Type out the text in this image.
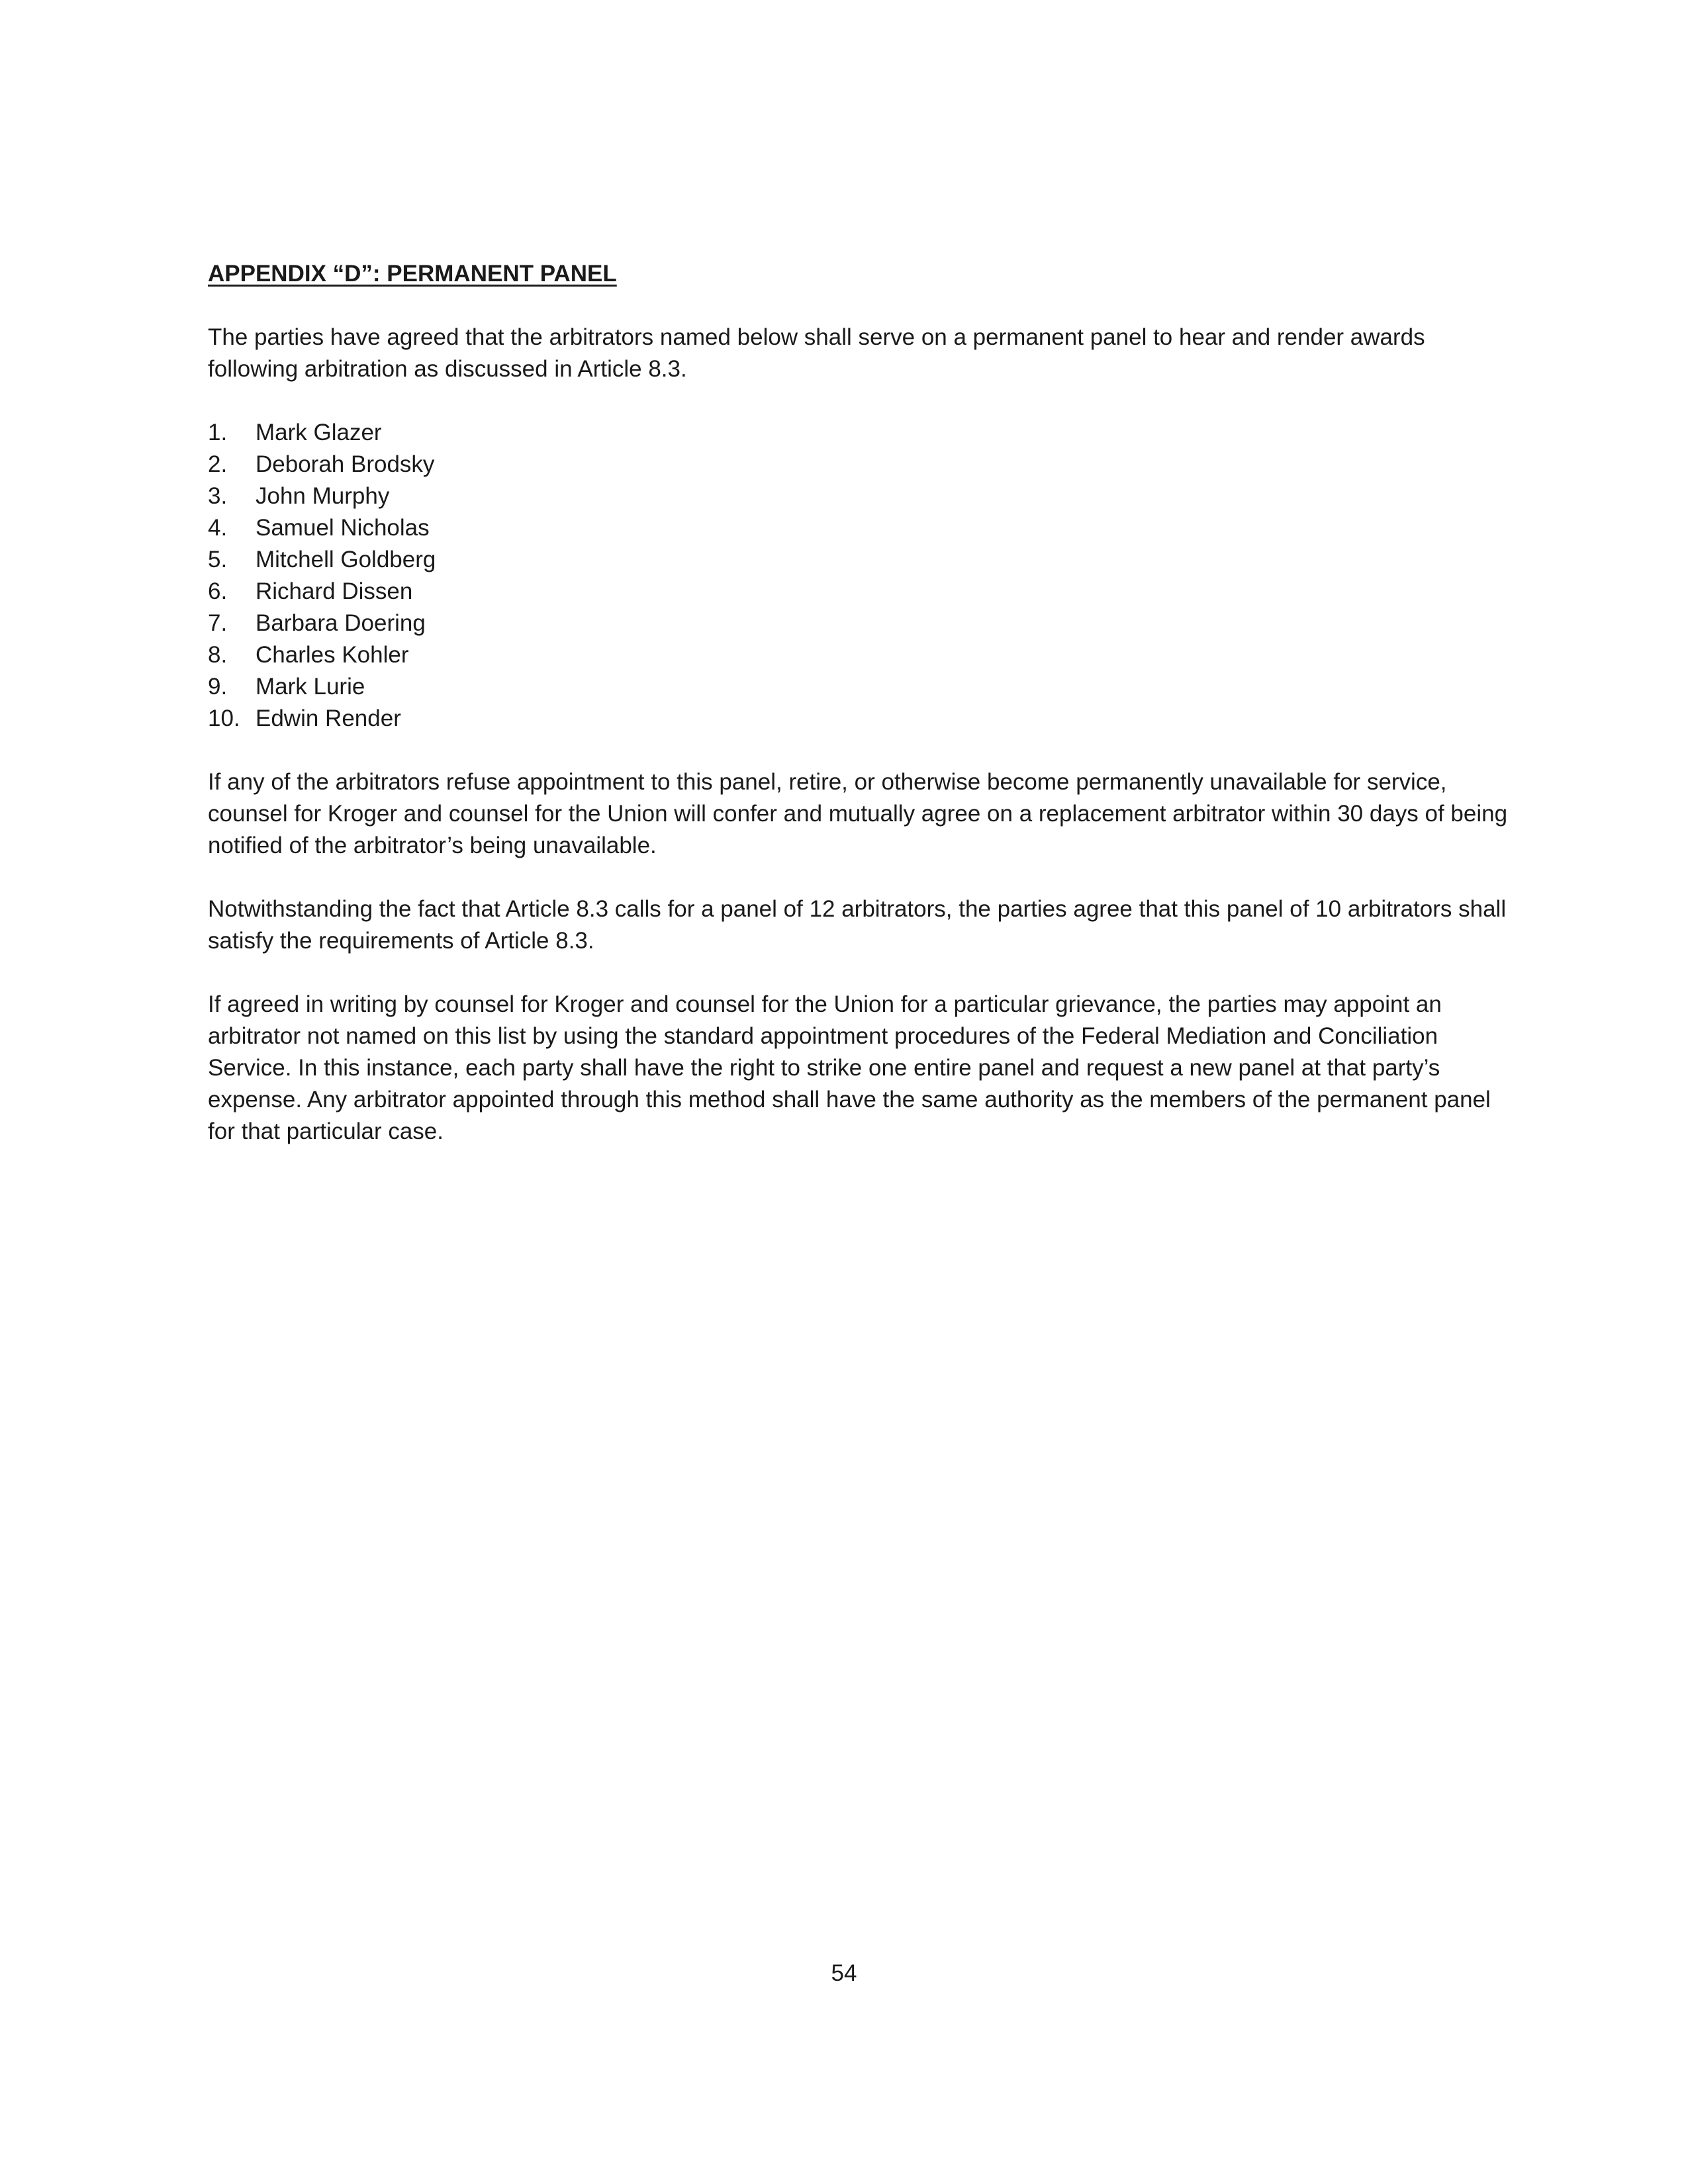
APPENDIX “D”: PERMANENT PANEL

The parties have agreed that the arbitrators named below shall serve on a permanent panel to hear and render awards following arbitration as discussed in Article 8.3.

1.	Mark Glazer
2.	Deborah Brodsky
3.	John Murphy
4.	Samuel Nicholas
5.	Mitchell Goldberg
6.	Richard Dissen
7.	Barbara Doering
8.	Charles Kohler
9.	Mark Lurie
10. Edwin Render

If any of the arbitrators refuse appointment to this panel, retire, or otherwise become permanently unavailable for service, counsel for Kroger and counsel for the Union will confer and mutually agree on a replacement arbitrator within 30 days of being notified of the arbitrator’s being unavailable.

Notwithstanding the fact that Article 8.3 calls for a panel of 12 arbitrators, the parties agree that this panel of 10 arbitrators shall satisfy the requirements of Article 8.3.

If agreed in writing by counsel for Kroger and counsel for the Union for a particular grievance, the parties may appoint an arbitrator not named on this list by using the standard appointment procedures of the Federal Mediation and Conciliation Service. In this instance, each party shall have the right to strike one entire panel and request a new panel at that party’s expense. Any arbitrator appointed through this method shall have the same authority as the members of the permanent panel for that particular case.

54
